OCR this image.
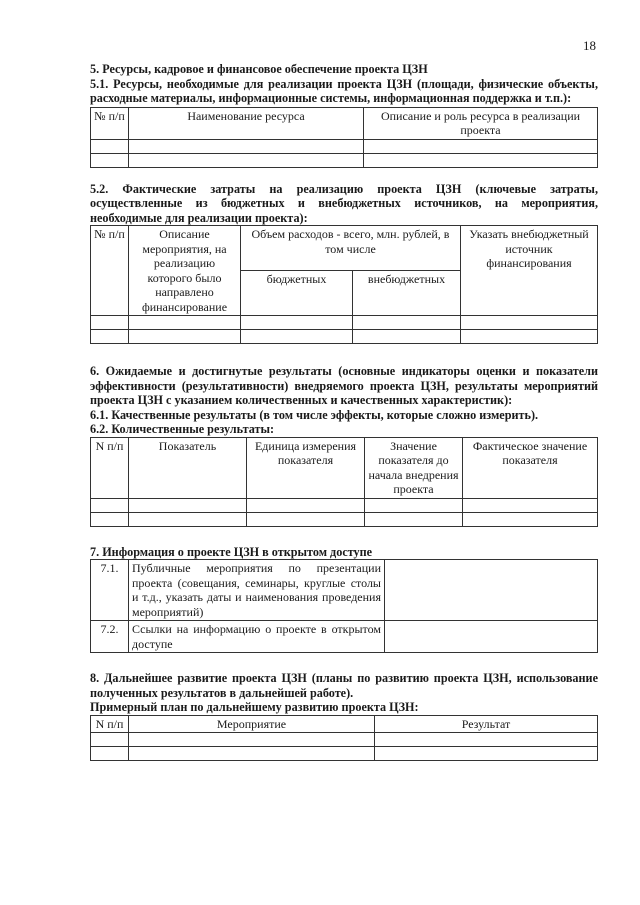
18

5. Ресурсы, кадровое и финансовое обеспечение проекта ЦЗН

5.1. Ресурсы, необходимые для реализации проекта ЦЗН (площади, физические объекты, расходные материалы, информационные системы, информационная поддержка и т.п.):

№ п/п	Наименование ресурса	Описание и роль ресурса в реализации проекта

5.2. Фактические затраты на реализацию проекта ЦЗН (ключевые затраты, осуществленные из бюджетных и внебюджетных источников, на мероприятия, необходимые для реализации проекта):

№ п/п	Описание мероприятия, на реализацию которого было направлено финансирование	Объем расходов - всего, млн. рублей, в том числе		Указать внебюджетный источник финансирования
		бюджетных	внебюджетных	

6. Ожидаемые и достигнутые результаты (основные индикаторы оценки и показатели эффективности (результативности) внедряемого проекта ЦЗН, результаты мероприятий проекта ЦЗН с указанием количественных и качественных характеристик):

6.1. Качественные результаты (в том числе эффекты, которые сложно измерить).

6.2. Количественные результаты:

N п/п	Показатель	Единица измерения показателя	Значение показателя до начала внедрения проекта	Фактическое значение показателя

7. Информация о проекте ЦЗН в открытом доступе

7.1.	Публичные мероприятия по презентации проекта (совещания, семинары, круглые столы и т.д., указать даты и наименования проведения мероприятий)	
7.2.	Ссылки на информацию о проекте в открытом доступе	

8. Дальнейшее развитие проекта ЦЗН (планы по развитию проекта ЦЗН, использование полученных результатов в дальнейшей работе).

Примерный план по дальнейшему развитию проекта ЦЗН:

N п/п	Мероприятие	Результат
